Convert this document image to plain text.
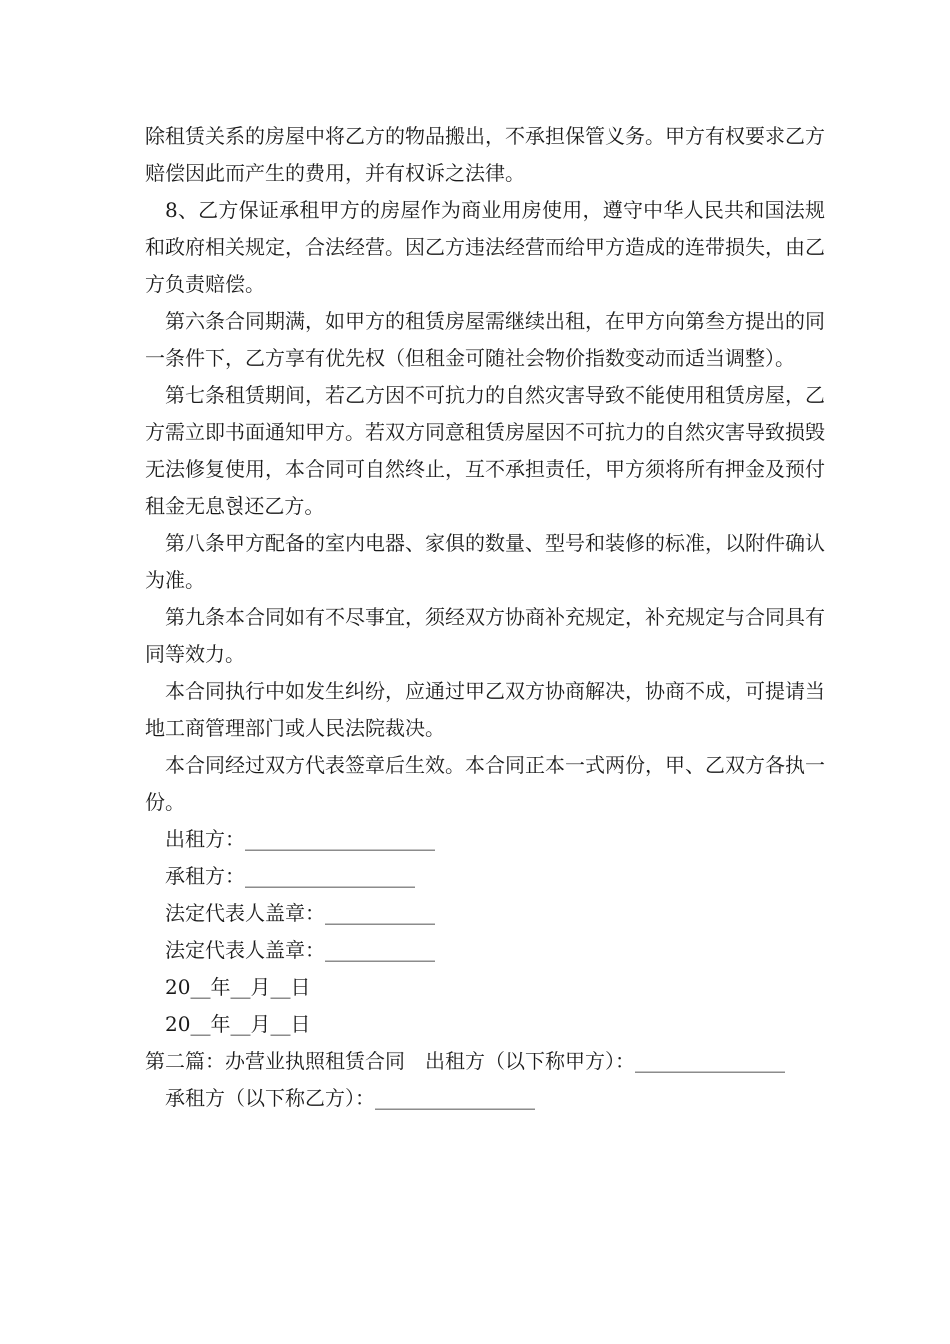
除租赁关系的房屋中将乙方的物品搬出，不承担保管义务。甲方有权要求乙方赔偿因此而产生的费用，并有权诉之法律。

8、乙方保证承租甲方的房屋作为商业用房使用，遵守中华人民共和国法规和政府相关规定，合法经营。因乙方违法经营而给甲方造成的连带损失，由乙方负责赔偿。

第六条合同期满，如甲方的租赁房屋需继续出租，在甲方向第叁方提出的同一条件下，乙方享有优先权（但租金可随社会物价指数变动而适当调整）。

第七条租赁期间，若乙方因不可抗力的自然灾害导致不能使用租赁房屋，乙方需立即书面通知甲方。若双方同意租赁房屋因不可抗力的自然灾害导致损毁无法修复使用，本合同可自然终止，互不承担责任，甲方须将所有押金及预付租金无息혅还乙方。

第八条甲方配备的室内电器、家俱的数量、型号和装修的标准，以附件确认为准。

第九条本合同如有不尽事宜，须经双方协商补充规定，补充规定与合同具有同等效力。

本合同执行中如发生纠纷，应通过甲乙双方协商解决，协商不成，可提请当地工商管理部门或人民法院裁决。

本合同经过双方代表签章后生效。本合同正本一式两份，甲、乙双方各执一份。

出租方：___________________

承租方：_________________

法定代表人盖章：___________

法定代表人盖章：___________

20__年__月__日

20__年__月__日

第二篇：办营业执照租赁合同　出租方（以下称甲方）：_______________

承租方（以下称乙方）：________________
